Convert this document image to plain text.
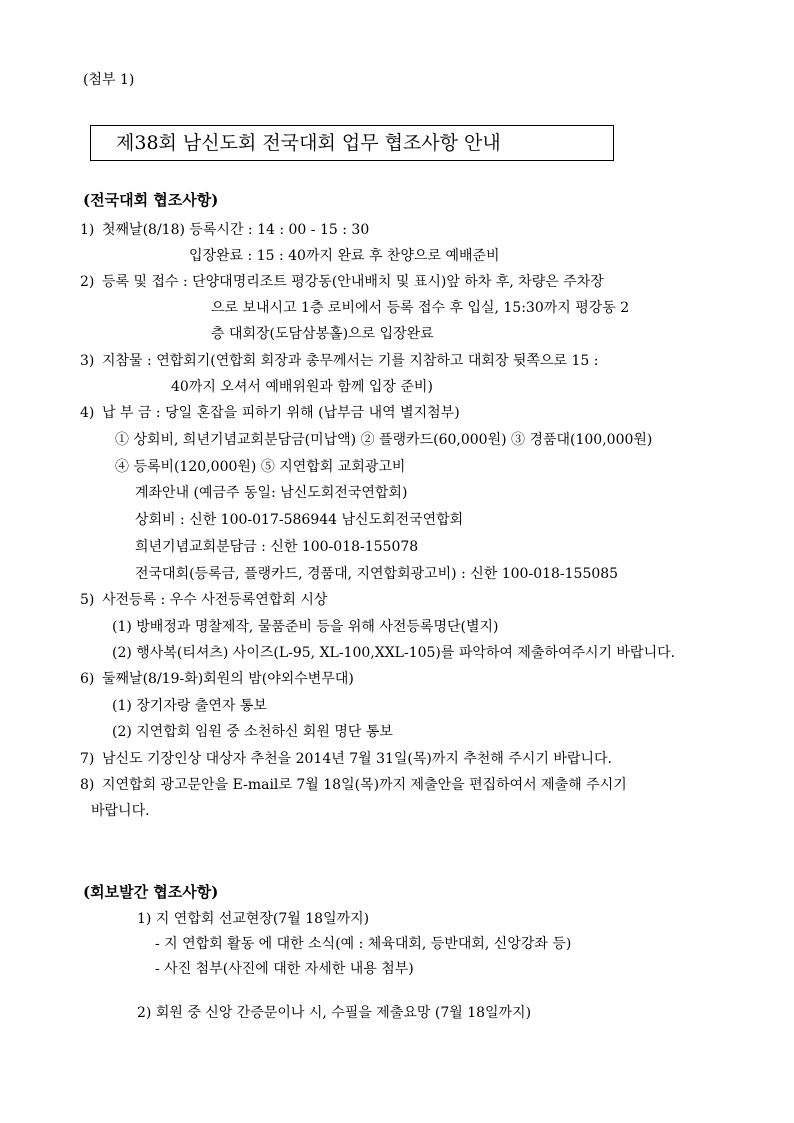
(첨부 1)
제38회 남신도회 전국대회 업무 협조사항 안내
(전국대회 협조사항)
1) 첫째날(8/18) 등록시간 : 14 : 00 - 15 : 30
입장완료 : 15 : 40까지 완료 후 찬양으로 예배준비
2) 등록 및 접수 : 단양대명리조트 평강동(안내배치 및 표시)앞 하차 후, 차량은 주차장
으로 보내시고 1층 로비에서 등록 접수 후 입실, 15:30까지 평강동 2
층 대회장(도담삼봉홀)으로 입장완료
3) 지참물 : 연합회기(연합회 회장과 총무께서는 기를 지참하고 대회장 뒷쪽으로 15 :
40까지 오셔서 예배위원과 함께 입장 준비)
4) 납 부 금 : 당일 혼잡을 피하기 위해 (납부금 내역 별지첨부)
① 상회비, 희년기념교회분담금(미납액) ② 플랭카드(60,000원) ③ 경품대(100,000원)
④ 등록비(120,000원) ⑤ 지연합회 교회광고비
계좌안내 (예금주 동일: 남신도회전국연합회)
상회비 : 신한 100-017-586944 남신도회전국연합회
희년기념교회분담금 : 신한 100-018-155078
전국대회(등록금, 플랭카드, 경품대, 지연합회광고비) : 신한 100-018-155085
5) 사전등록 : 우수 사전등록연합회 시상
(1) 방배정과 명찰제작, 물품준비 등을 위해 사전등록명단(별지)
(2) 행사복(티셔츠) 사이즈(L-95, XL-100,XXL-105)를 파악하여 제출하여주시기 바랍니다.
6) 둘째날(8/19-화)회원의 밤(야외수변무대)
(1) 장기자랑 출연자 통보
(2) 지연합회 임원 중 소천하신 회원 명단 통보
7) 남신도 기장인상 대상자 추천을 2014년 7월 31일(목)까지 추천해 주시기 바랍니다.
8) 지연합회 광고문안을 E-mail로 7월 18일(목)까지 제출안을 편집하여서 제출해 주시기
바랍니다.
(회보발간 협조사항)
1) 지 연합회 선교현장(7월 18일까지)
- 지 연합회 활동 에 대한 소식(예 : 체육대회, 등반대회, 신앙강좌 등)
- 사진 첨부(사진에 대한 자세한 내용 첨부)
2) 회원 중 신앙 간증문이나 시, 수필을 제출요망 (7월 18일까지)
